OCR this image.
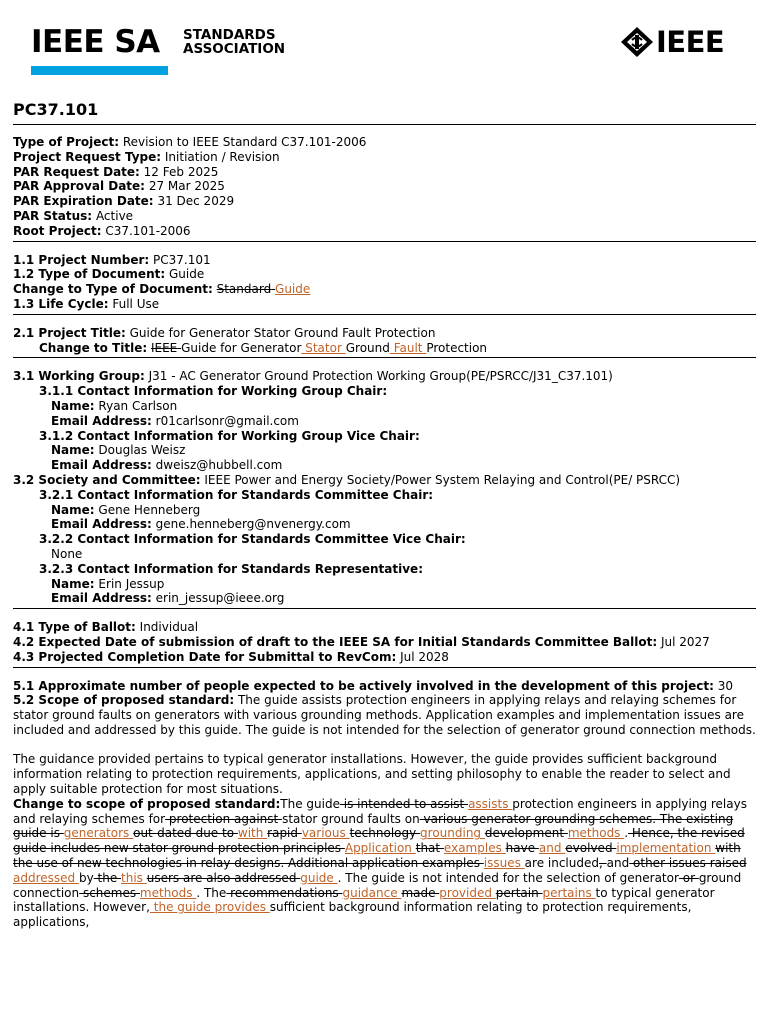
IEEE SA STANDARDS
ASSOCIATION	IEEE
PC37.101
Type of Project: Revision to IEEE Standard C37.101-2006
Project Request Type: Initiation / Revision
PAR Request Date: 12 Feb 2025
PAR Approval Date: 27 Mar 2025
PAR Expiration Date: 31 Dec 2029
PAR Status: Active
Root Project: C37.101-2006
1.1 Project Number: PC37.101
1.2 Type of Document: Guide
Change to Type of Document: Standard Guide
1.3 Life Cycle: Full Use
2.1 Project Title: Guide for Generator Stator Ground Fault Protection
Change to Title: IEEE Guide for Generator Stator Ground Fault Protection
3.1 Working Group: J31 - AC Generator Ground Protection Working Group(PE/PSRCC/J31_C37.101)
3.1.1 Contact Information for Working Group Chair:
Name: Ryan Carlson
Email Address: r01carlsonr@gmail.com
3.1.2 Contact Information for Working Group Vice Chair:
Name: Douglas Weisz
Email Address: dweisz@hubbell.com
3.2 Society and Committee: IEEE Power and Energy Society/Power System Relaying and Control(PE/ PSRCC)
3.2.1 Contact Information for Standards Committee Chair:
Name: Gene Henneberg
Email Address: gene.henneberg@nvenergy.com
3.2.2 Contact Information for Standards Committee Vice Chair:
None
3.2.3 Contact Information for Standards Representative:
Name: Erin Jessup
Email Address: erin_jessup@ieee.org
4.1 Type of Ballot: Individual
4.2 Expected Date of submission of draft to the IEEE SA for Initial Standards Committee Ballot: Jul 2027
4.3 Projected Completion Date for Submittal to RevCom: Jul 2028
5.1 Approximate number of people expected to be actively involved in the development of this project: 30
5.2 Scope of proposed standard: The guide assists protection engineers in applying relays and relaying schemes for stator ground faults on generators with various grounding methods. Application examples and implementation issues are included and addressed by this guide. The guide is not intended for the selection of generator ground connection methods.
The guidance provided pertains to typical generator installations. However, the guide provides sufficient background information relating to protection requirements, applications, and setting philosophy to enable the reader to select and apply suitable protection for most situations.
Change to scope of proposed standard:The guide is intended to assist assists protection engineers in applying relays and relaying schemes for protection against stator ground faults on various generator grounding schemes. The existing guide is generators out-dated due to with rapid various technology grounding development methods . Hence, the revised guide includes new stator ground protection principles Application that examples have and evolved implementation with the use of new technologies in relay designs. Additional application examples issues are included, and other issues raised addressed by the this users are also addressed guide . The guide is not intended for the selection of generator or ground connection schemes methods . The recommendations guidance made provided pertain pertains to typical generator installations. However, the guide provides sufficient background information relating to protection requirements, applications,
